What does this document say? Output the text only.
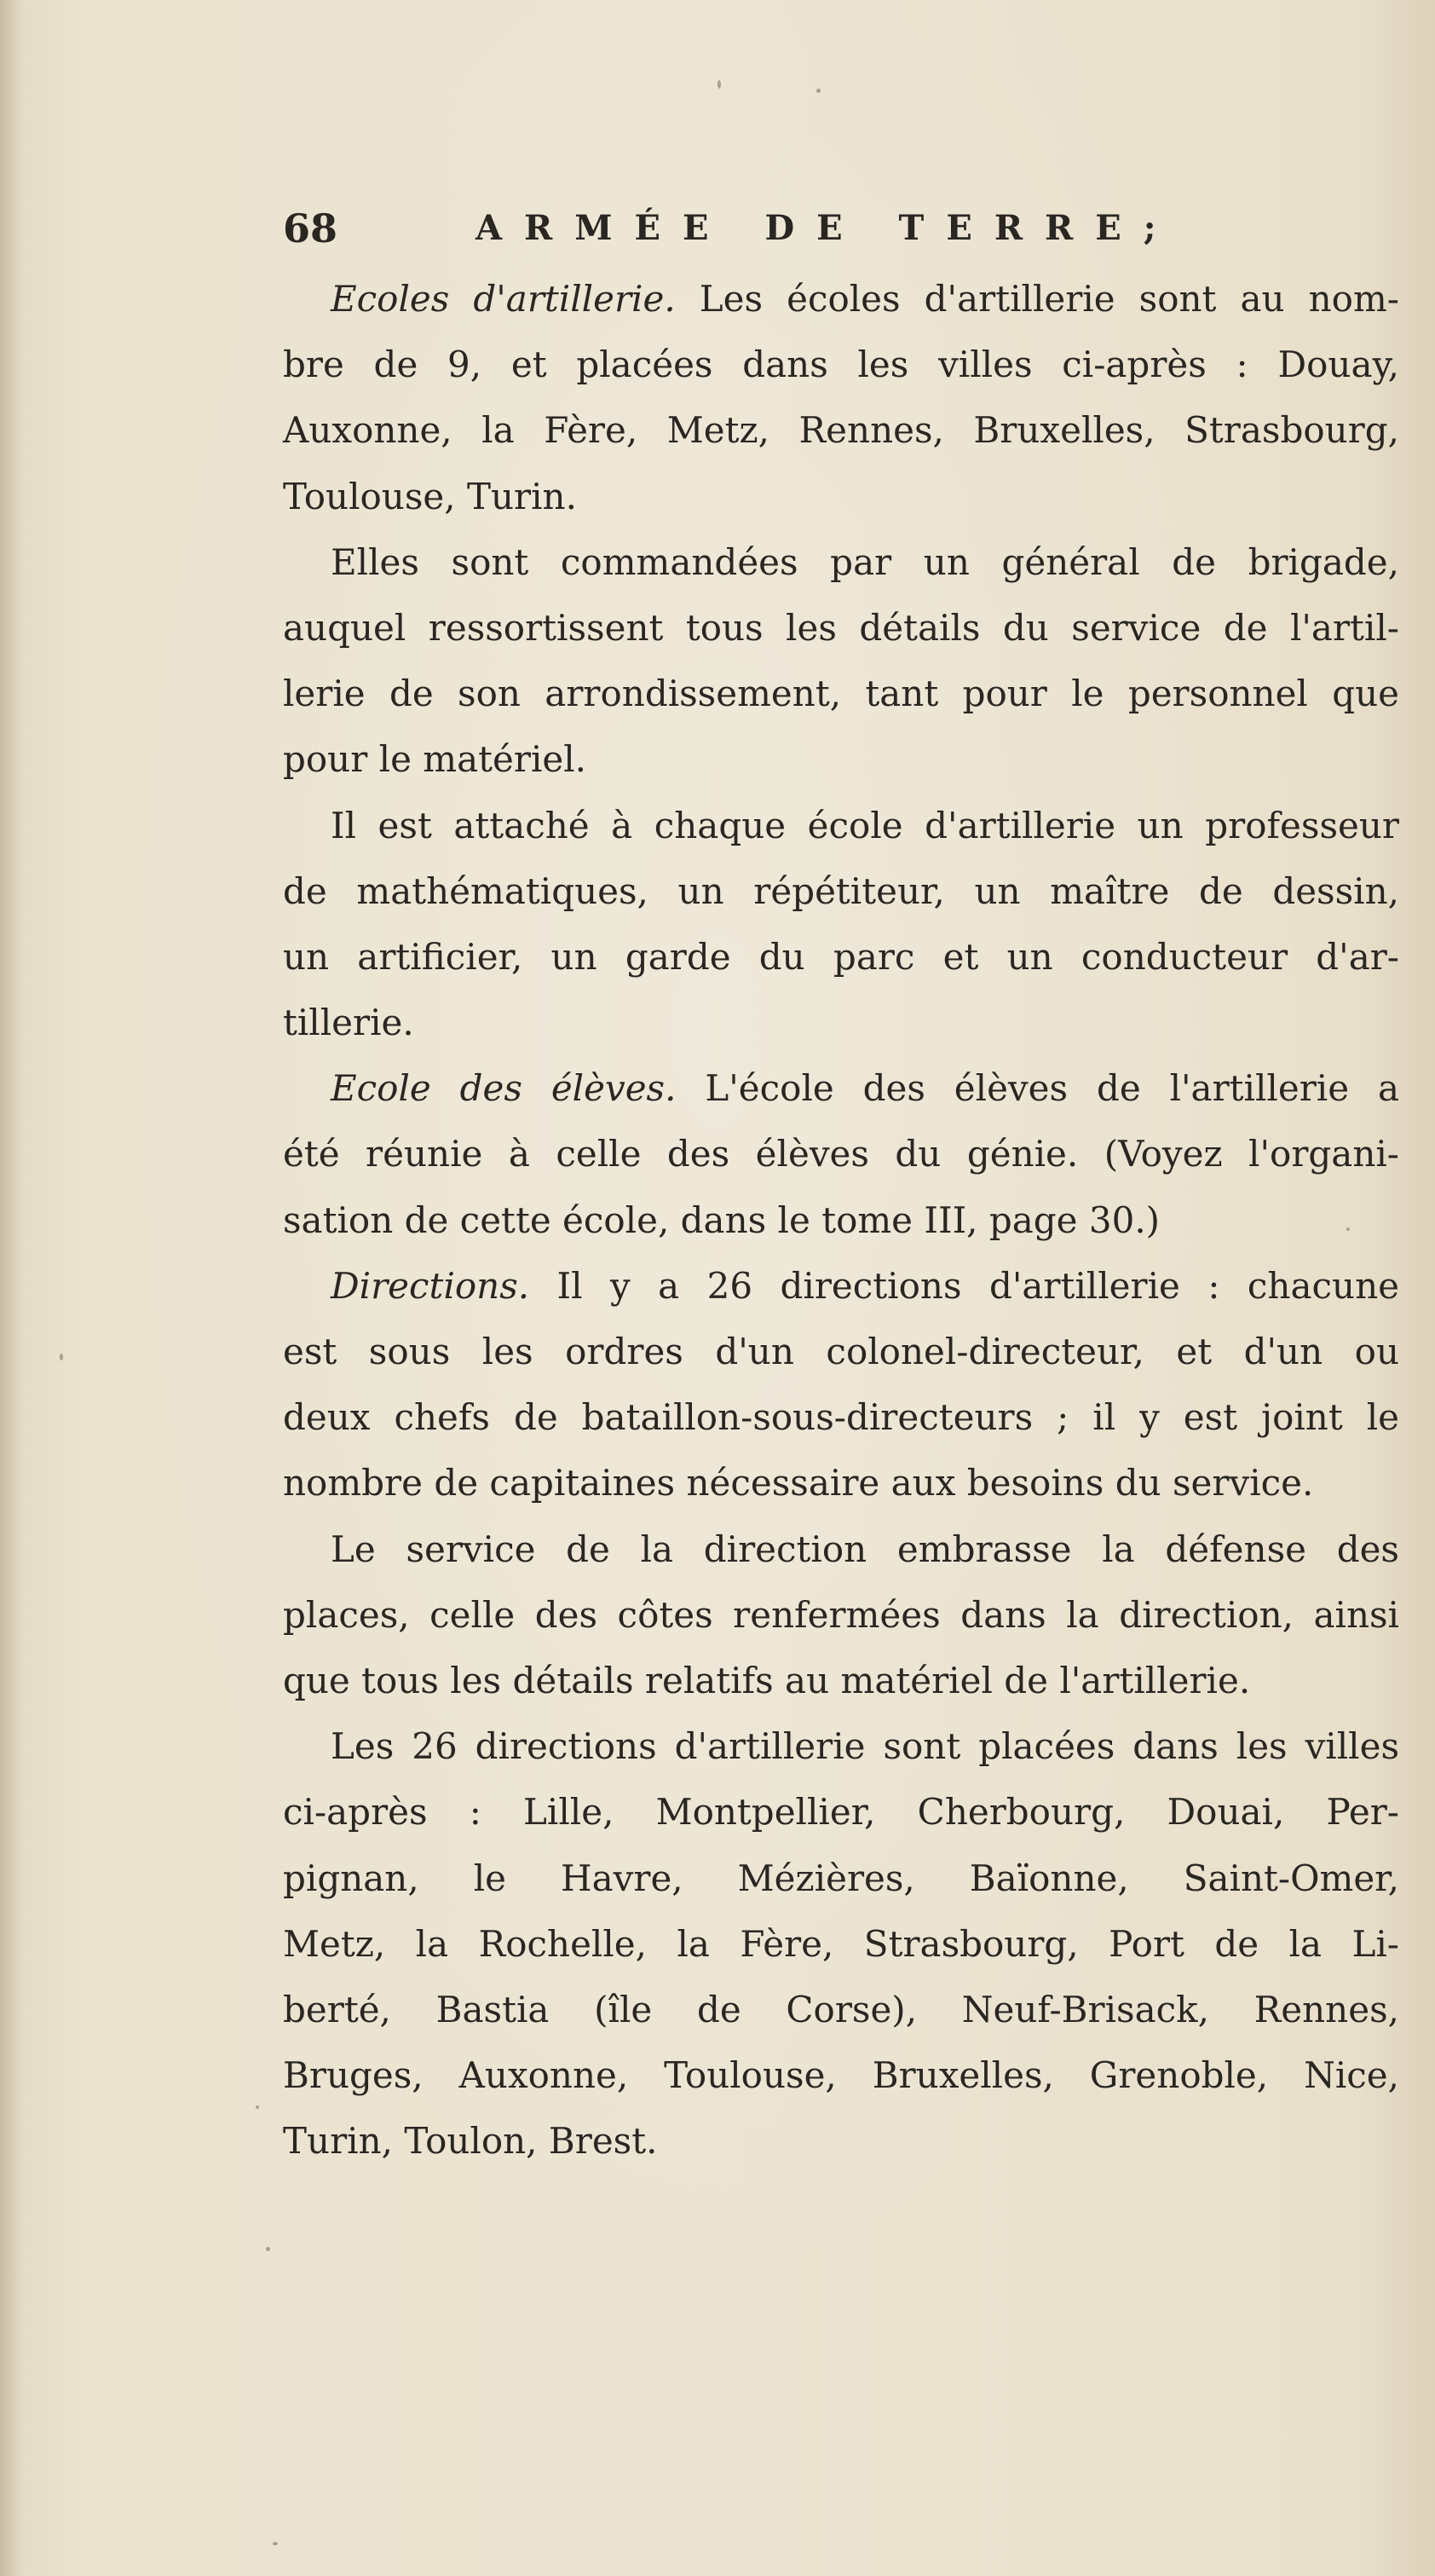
68	ARMÉE DE TERRE;
Ecoles d'artillerie. Les écoles d'artillerie sont au nom-
bre de 9, et placées dans les villes ci-après : Douay,
Auxonne, la Fère, Metz, Rennes, Bruxelles, Strasbourg,
Toulouse, Turin.
Elles sont commandées par un général de brigade,
auquel ressortissent tous les détails du service de l'artil-
lerie de son arrondissement, tant pour le personnel que
pour le matériel.
Il est attaché à chaque école d'artillerie un professeur
de mathématiques, un répétiteur, un maître de dessin,
un artificier, un garde du parc et un conducteur d'ar-
tillerie.
Ecole des élèves. L'école des élèves de l'artillerie a
été réunie à celle des élèves du génie. (Voyez l'organi-
sation de cette école, dans le tome III, page 30.)
Directions. Il y a 26 directions d'artillerie : chacune
est sous les ordres d'un colonel-directeur, et d'un ou
deux chefs de bataillon-sous-directeurs ; il y est joint le
nombre de capitaines nécessaire aux besoins du service.
Le service de la direction embrasse la défense des
places, celle des côtes renfermées dans la direction, ainsi
que tous les détails relatifs au matériel de l'artillerie.
Les 26 directions d'artillerie sont placées dans les villes
ci-après : Lille, Montpellier, Cherbourg, Douai, Per-
pignan, le Havre, Mézières, Baïonne, Saint-Omer,
Metz, la Rochelle, la Fère, Strasbourg, Port de la Li-
berté, Bastia (île de Corse), Neuf-Brisack, Rennes,
Bruges, Auxonne, Toulouse, Bruxelles, Grenoble, Nice,
Turin, Toulon, Brest.
